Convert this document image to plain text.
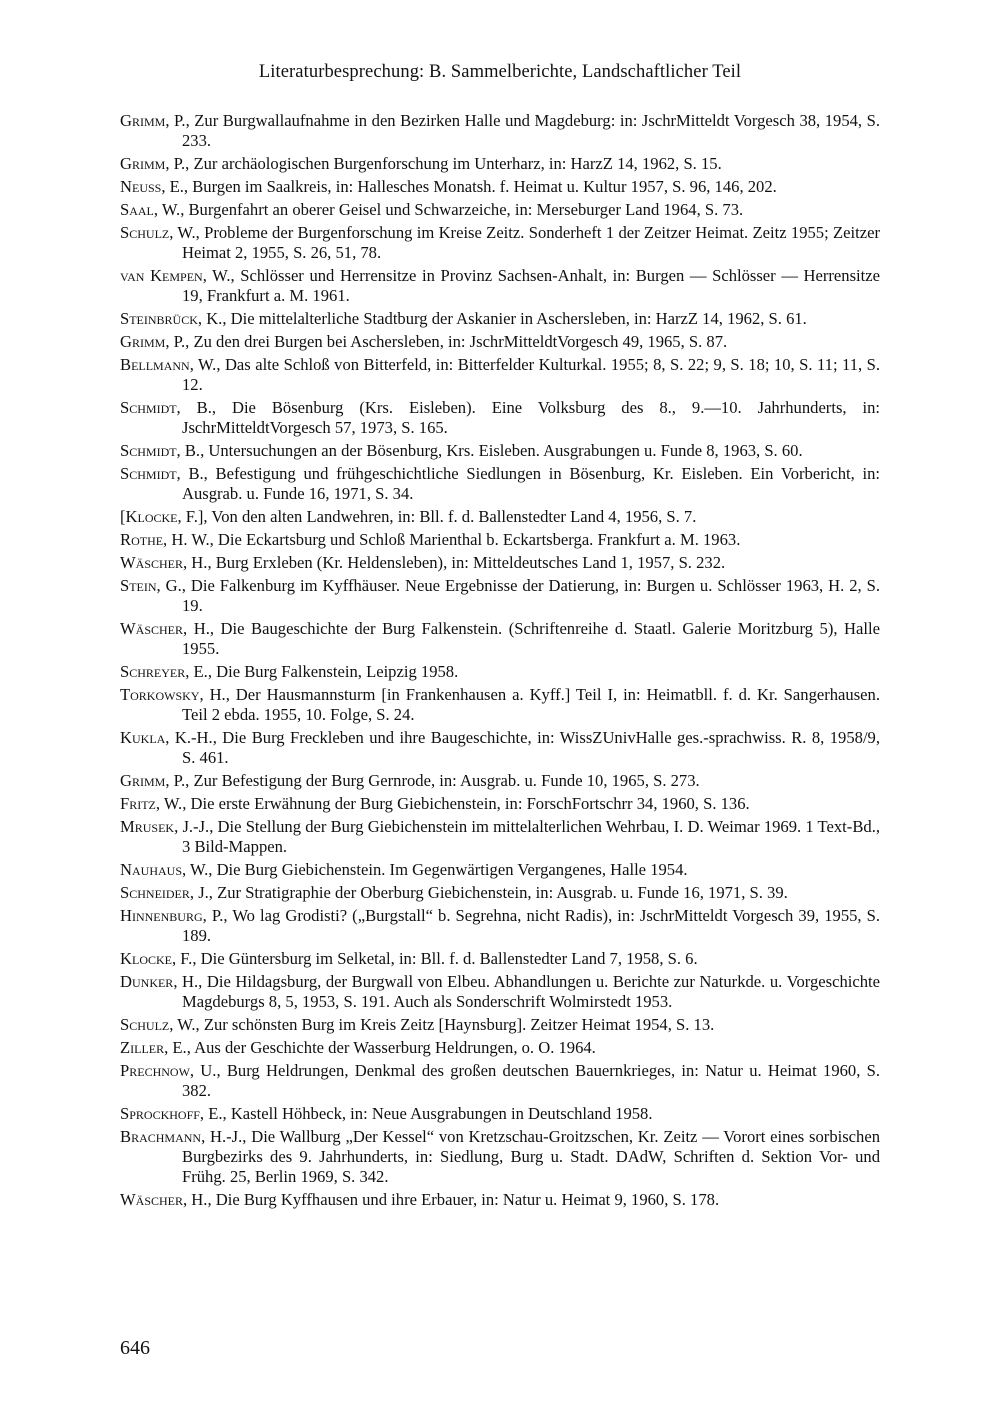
Literaturbesprechung: B. Sammelberichte, Landschaftlicher Teil

Grimm, P., Zur Burgwallaufnahme in den Bezirken Halle und Magdeburg: in: JschrMitteldt Vorgesch 38, 1954, S. 233.

Grimm, P., Zur archäologischen Burgenforschung im Unterharz, in: HarzZ 14, 1962, S. 15.

Neuss, E., Burgen im Saalkreis, in: Hallesches Monatsh. f. Heimat u. Kultur 1957, S. 96, 146, 202.

Saal, W., Burgenfahrt an oberer Geisel und Schwarzeiche, in: Merseburger Land 1964, S. 73.

Schulz, W., Probleme der Burgenforschung im Kreise Zeitz. Sonderheft 1 der Zeitzer Heimat. Zeitz 1955; Zeitzer Heimat 2, 1955, S. 26, 51, 78.

van Kempen, W., Schlösser und Herrensitze in Provinz Sachsen-Anhalt, in: Burgen — Schlösser — Herrensitze 19, Frankfurt a. M. 1961.

Steinbrück, K., Die mittelalterliche Stadtburg der Askanier in Aschersleben, in: HarzZ 14, 1962, S. 61.

Grimm, P., Zu den drei Burgen bei Aschersleben, in: JschrMitteldtVorgesch 49, 1965, S. 87.

Bellmann, W., Das alte Schloß von Bitterfeld, in: Bitterfelder Kulturkal. 1955; 8, S. 22; 9, S. 18; 10, S. 11; 11, S. 12.

Schmidt, B., Die Bösenburg (Krs. Eisleben). Eine Volksburg des 8., 9.—10. Jahrhunderts, in: JschrMitteldtVorgesch 57, 1973, S. 165.

Schmidt, B., Untersuchungen an der Bösenburg, Krs. Eisleben. Ausgrabungen u. Funde 8, 1963, S. 60.

Schmidt, B., Befestigung und frühgeschichtliche Siedlungen in Bösenburg, Kr. Eisleben. Ein Vorbericht, in: Ausgrab. u. Funde 16, 1971, S. 34.

[Klocke, F.], Von den alten Landwehren, in: Bll. f. d. Ballenstedter Land 4, 1956, S. 7.

Rothe, H. W., Die Eckartsburg und Schloß Marienthal b. Eckartsberga. Frankfurt a. M. 1963.

Wäscher, H., Burg Erxleben (Kr. Heldensleben), in: Mitteldeutsches Land 1, 1957, S. 232.

Stein, G., Die Falkenburg im Kyffhäuser. Neue Ergebnisse der Datierung, in: Burgen u. Schlösser 1963, H. 2, S. 19.

Wäscher, H., Die Baugeschichte der Burg Falkenstein. (Schriftenreihe d. Staatl. Galerie Moritzburg 5), Halle 1955.

Schreyer, E., Die Burg Falkenstein, Leipzig 1958.

Torkowsky, H., Der Hausmannsturm [in Frankenhausen a. Kyff.] Teil I, in: Heimatbll. f. d. Kr. Sangerhausen. Teil 2 ebda. 1955, 10. Folge, S. 24.

Kukla, K.-H., Die Burg Freckleben und ihre Baugeschichte, in: WissZUnivHalle ges.-sprachwiss. R. 8, 1958/9, S. 461.

Grimm, P., Zur Befestigung der Burg Gernrode, in: Ausgrab. u. Funde 10, 1965, S. 273.

Fritz, W., Die erste Erwähnung der Burg Giebichenstein, in: ForschFortschrr 34, 1960, S. 136.

Mrusek, J.-J., Die Stellung der Burg Giebichenstein im mittelalterlichen Wehrbau, I. D. Weimar 1969. 1 Text-Bd., 3 Bild-Mappen.

Nauhaus, W., Die Burg Giebichenstein. Im Gegenwärtigen Vergangenes, Halle 1954.

Schneider, J., Zur Stratigraphie der Oberburg Giebichenstein, in: Ausgrab. u. Funde 16, 1971, S. 39.

Hinnenburg, P., Wo lag Grodisti? („Burgstall“ b. Segrehna, nicht Radis), in: JschrMitteldt Vorgesch 39, 1955, S. 189.

Klocke, F., Die Güntersburg im Selketal, in: Bll. f. d. Ballenstedter Land 7, 1958, S. 6.

Dunker, H., Die Hildagsburg, der Burgwall von Elbeu. Abhandlungen u. Berichte zur Naturkde. u. Vorgeschichte Magdeburgs 8, 5, 1953, S. 191. Auch als Sonderschrift Wolmirstedt 1953.

Schulz, W., Zur schönsten Burg im Kreis Zeitz [Haynsburg]. Zeitzer Heimat 1954, S. 13.

Ziller, E., Aus der Geschichte der Wasserburg Heldrungen, o. O. 1964.

Prechnow, U., Burg Heldrungen, Denkmal des großen deutschen Bauernkrieges, in: Natur u. Heimat 1960, S. 382.

Sprockhoff, E., Kastell Höhbeck, in: Neue Ausgrabungen in Deutschland 1958.

Brachmann, H.-J., Die Wallburg „Der Kessel“ von Kretzschau-Groitzschen, Kr. Zeitz — Vorort eines sorbischen Burgbezirks des 9. Jahrhunderts, in: Siedlung, Burg u. Stadt. DAdW, Schriften d. Sektion Vor- und Frühg. 25, Berlin 1969, S. 342.

Wäscher, H., Die Burg Kyffhausen und ihre Erbauer, in: Natur u. Heimat 9, 1960, S. 178.

646
